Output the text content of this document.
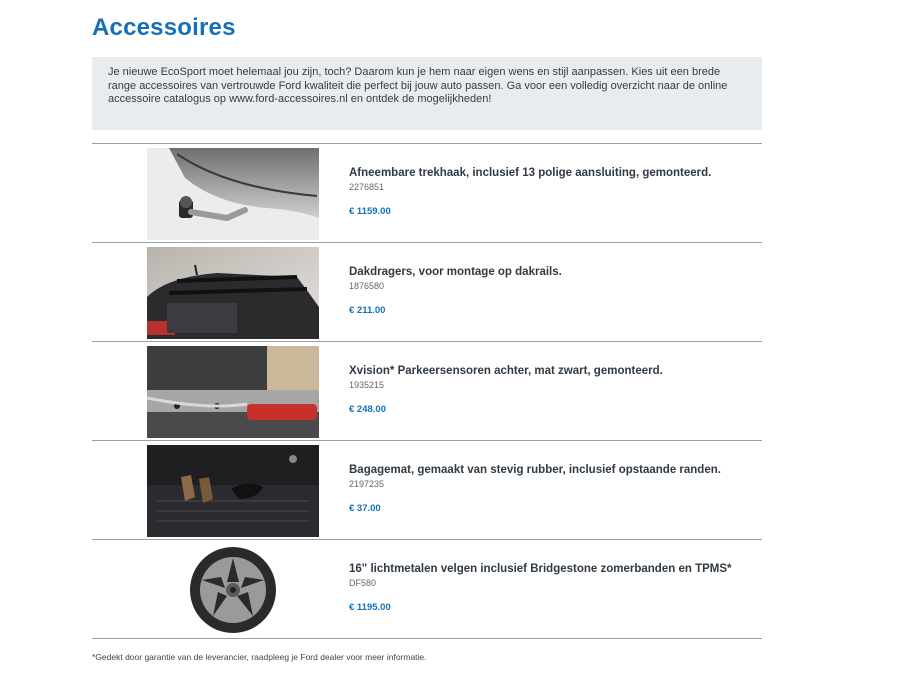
Accessoires
Je nieuwe EcoSport moet helemaal jou zijn, toch? Daarom kun je hem naar eigen wens en stijl aanpassen. Kies uit een brede range accessoires van vertrouwde Ford kwaliteit die perfect bij jouw auto passen. Ga voor een volledig overzicht naar de online accessoire catalogus op www.ford-accessoires.nl en ontdek de mogelijkheden!
Afneembare trekhaak, inclusief 13 polige aansluiting, gemonteerd.
2276851
€ 1159.00
Dakdragers, voor montage op dakrails.
1876580
€ 211.00
Xvision* Parkeersensoren achter, mat zwart, gemonteerd.
1935215
€ 248.00
Bagagemat, gemaakt van stevig rubber, inclusief opstaande randen.
2197235
€ 37.00
16" lichtmetalen velgen inclusief Bridgestone zomerbanden en TPMS*
DF580
€ 1195.00
*Gedekt door garantie van de leverancier, raadpleeg je Ford dealer voor meer informatie.
